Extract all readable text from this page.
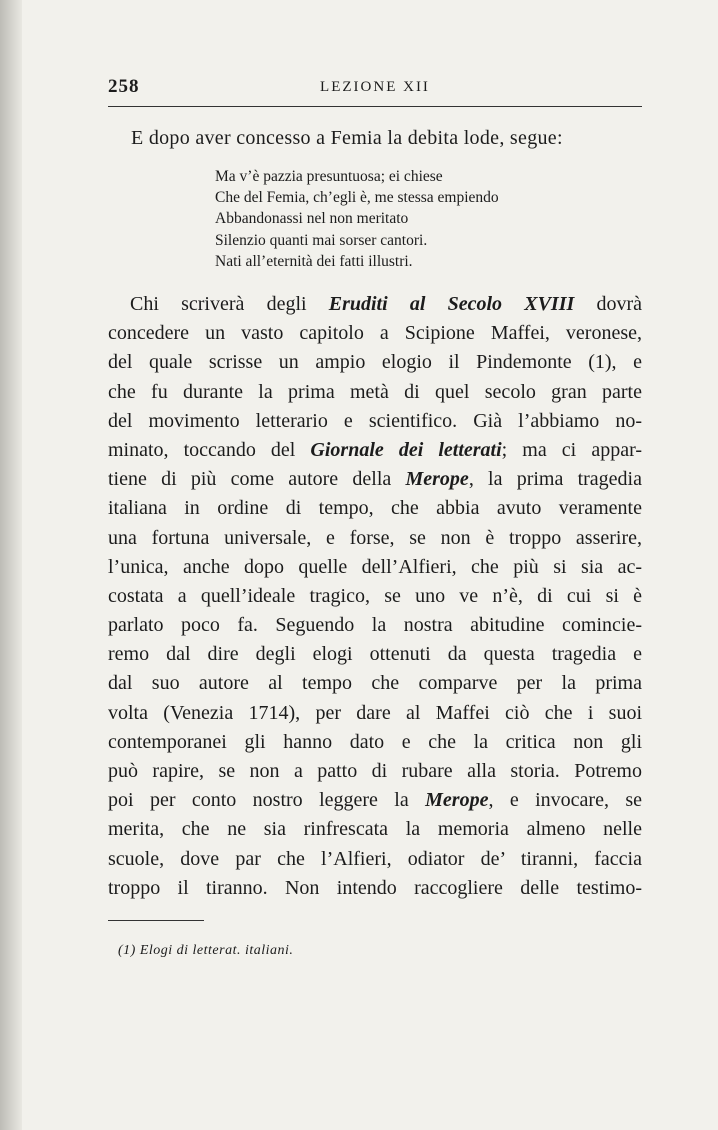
258	LEZIONE XII
E dopo aver concesso a Femia la debita lode, segue:
Ma v’è pazzia presuntuosa; ei chiese
Che del Femia, ch’egli è, me stessa empiendo
Abbandonassi nel non meritato
Silenzio quanti mai sorser cantori.
Nati all’eternità dei fatti illustri.
Chi scriverà degli Eruditi al Secolo XVIII dovrà
concedere un vasto capitolo a Scipione Maffei, veronese,
del quale scrisse un ampio elogio il Pindemonte (1), e
che fu durante la prima metà di quel secolo gran parte
del movimento letterario e scientifico. Già l’abbiamo no-
minato, toccando del Giornale dei letterati; ma ci appar-
tiene di più come autore della Merope, la prima tragedia
italiana in ordine di tempo, che abbia avuto veramente
una fortuna universale, e forse, se non è troppo asserire,
l’unica, anche dopo quelle dell’Alfieri, che più si sia ac-
costata a quell’ideale tragico, se uno ve n’è, di cui si è
parlato poco fa. Seguendo la nostra abitudine comincie-
remo dal dire degli elogi ottenuti da questa tragedia e
dal suo autore al tempo che comparve per la prima
volta (Venezia 1714), per dare al Maffei ciò che i suoi
contemporanei gli hanno dato e che la critica non gli
può rapire, se non a patto di rubare alla storia. Potremo
poi per conto nostro leggere la Merope, e invocare, se
merita, che ne sia rinfrescata la memoria almeno nelle
scuole, dove par che l’Alfieri, odiator de’ tiranni, faccia
troppo il tiranno. Non intendo raccogliere delle testimo-
(1) Elogi di letterat. italiani.
